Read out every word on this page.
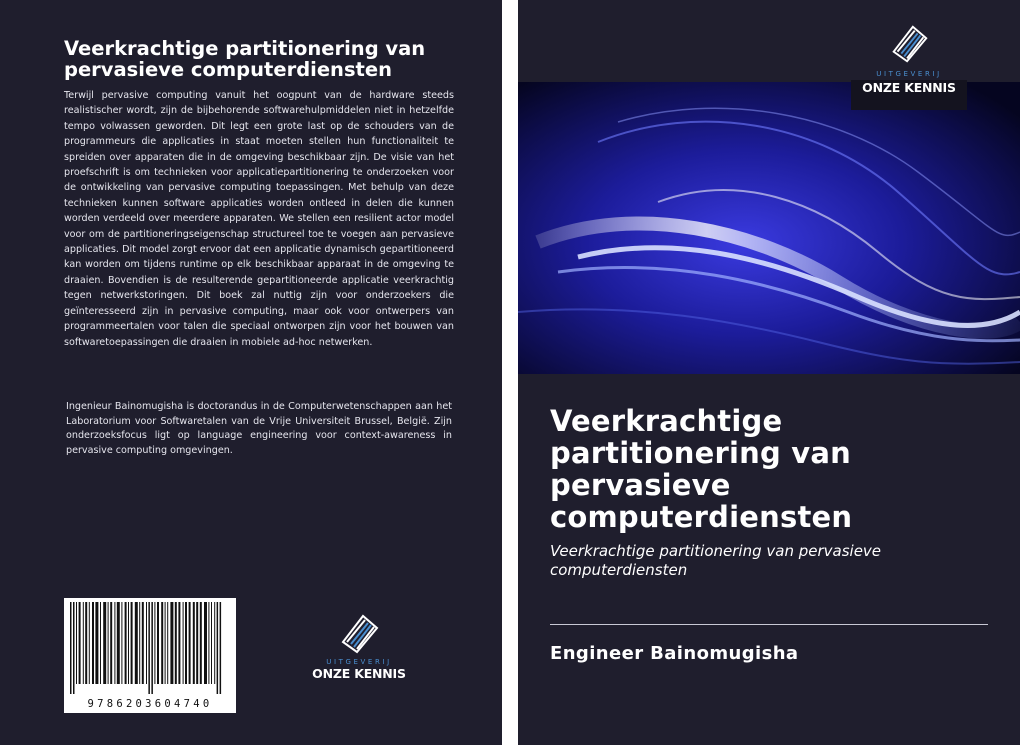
Veerkrachtige partitionering van pervasieve computerdiensten

Terwijl pervasive computing vanuit het oogpunt van de hardware steeds realistischer wordt, zijn de bijbehorende softwarehulpmiddelen niet in hetzelfde tempo volwassen geworden. Dit legt een grote last op de schouders van de programmeurs die applicaties in staat moeten stellen hun functionaliteit te spreiden over apparaten die in de omgeving beschikbaar zijn. De visie van het proefschrift is om technieken voor applicatiepartitionering te onderzoeken voor de ontwikkeling van pervasive computing toepassingen. Met behulp van deze technieken kunnen software applicaties worden ontleed in delen die kunnen worden verdeeld over meerdere apparaten. We stellen een resilient actor model voor om de partitioneringseigenschap structureel toe te voegen aan pervasieve applicaties. Dit model zorgt ervoor dat een applicatie dynamisch gepartitioneerd kan worden om tijdens runtime op elk beschikbaar apparaat in de omgeving te draaien. Bovendien is de resulterende gepartitioneerde applicatie veerkrachtig tegen netwerkstoringen. Dit boek zal nuttig zijn voor onderzoekers die geïnteresseerd zijn in pervasive computing, maar ook voor ontwerpers van programmeertalen voor talen die speciaal ontworpen zijn voor het bouwen van softwaretoepassingen die draaien in mobiele ad-hoc netwerken.

Ingenieur Bainomugisha is doctorandus in de Computerwetenschappen aan het Laboratorium voor Softwaretalen van de Vrije Universiteit Brussel, België. Zijn onderzoeksfocus ligt op language engineering voor context-awareness in pervasive computing omgevingen.

9786203604740
UITGEVERIJ
ONZE KENNIS
UITGEVERIJ
ONZE KENNIS
Veerkrachtige partitionering van pervasieve computerdiensten

Veerkrachtige partitionering van pervasieve computerdiensten

Engineer Bainomugisha
